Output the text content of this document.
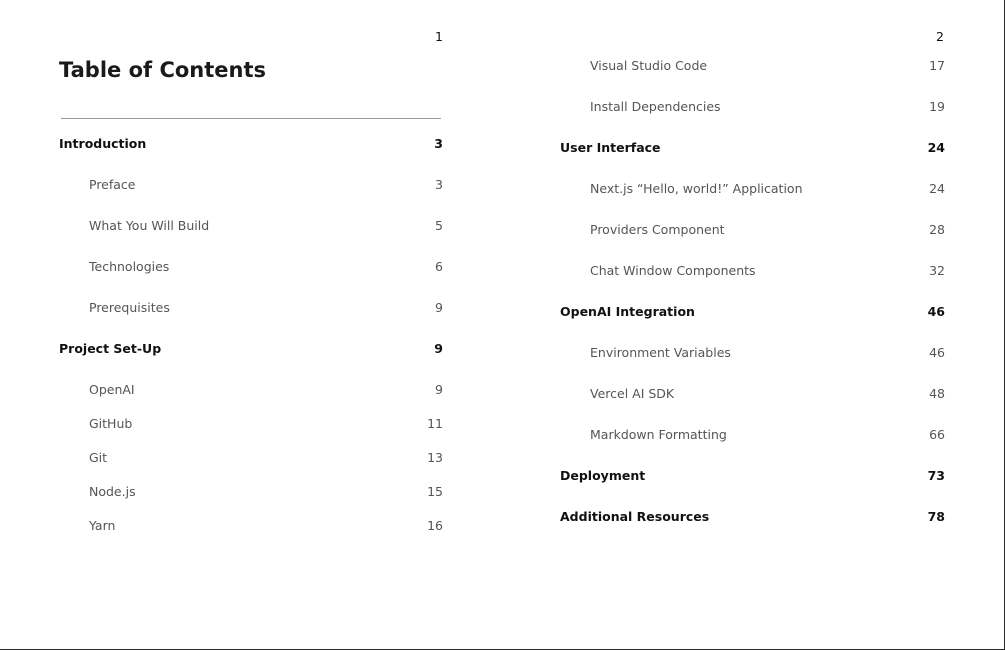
1
Table of Contents
Introduction	3
Preface	3
What You Will Build	5
Technologies	6
Prerequisites	9
Project Set-Up	9
OpenAI	9
GitHub	11
Git	13
Node.js	15
Yarn	16
2
Visual Studio Code	17
Install Dependencies	19
User Interface	24
Next.js “Hello, world!” Application	24
Providers Component	28
Chat Window Components	32
OpenAI Integration	46
Environment Variables	46
Vercel AI SDK	48
Markdown Formatting	66
Deployment	73
Additional Resources	78
